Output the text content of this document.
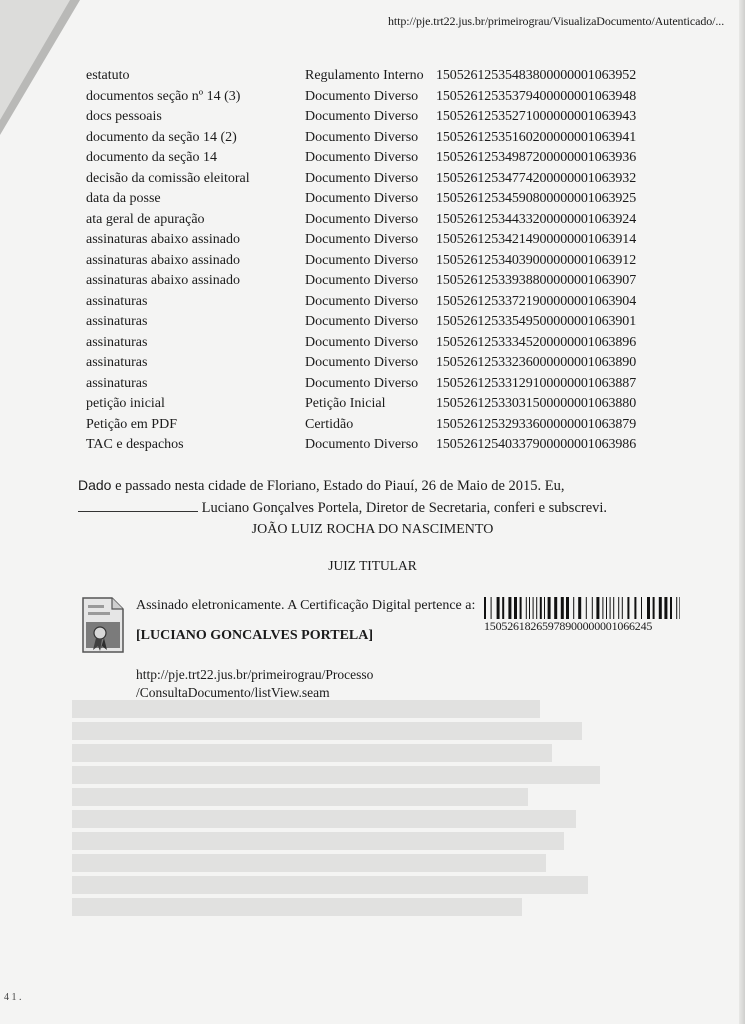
http://pje.trt22.jus.br/primeirograu/VisualizaDocumento/Autenticado/...
estatuto	Regulamento Interno	15052612535483800000001063952
documentos seção nº 14 (3)	Documento Diverso	15052612535379400000001063948
docs pessoais	Documento Diverso	15052612535271000000001063943
documento da seção 14 (2)	Documento Diverso	15052612535160200000001063941
documento da seção 14	Documento Diverso	15052612534987200000001063936
decisão da comissão eleitoral	Documento Diverso	15052612534774200000001063932
data da posse	Documento Diverso	15052612534590800000001063925
ata geral de apuração	Documento Diverso	15052612534433200000001063924
assinaturas abaixo assinado	Documento Diverso	15052612534214900000001063914
assinaturas abaixo assinado	Documento Diverso	15052612534039000000001063912
assinaturas abaixo assinado	Documento Diverso	15052612533938800000001063907
assinaturas	Documento Diverso	15052612533721900000001063904
assinaturas	Documento Diverso	15052612533549500000001063901
assinaturas	Documento Diverso	15052612533345200000001063896
assinaturas	Documento Diverso	15052612533236000000001063890
assinaturas	Documento Diverso	15052612533129100000001063887
petição inicial	Petição Inicial	15052612533031500000001063880
Petição em PDF	Certidão	15052612532933600000001063879
TAC e despachos	Documento Diverso	15052612540337900000001063986
Dado e passado nesta cidade de Floriano, Estado do Piauí, 26 de Maio de 2015. Eu,
Luciano Gonçalves Portela, Diretor de Secretaria, conferi e subscrevi.
JOÃO LUIZ ROCHA DO NASCIMENTO
JUIZ TITULAR
Assinado eletronicamente. A Certificação Digital pertence a:
[LUCIANO GONCALVES PORTELA]
http://pje.trt22.jus.br/primeirograu/Processo
/ConsultaDocumento/listView.seam
15052618265978900000001066245
4 1 .
